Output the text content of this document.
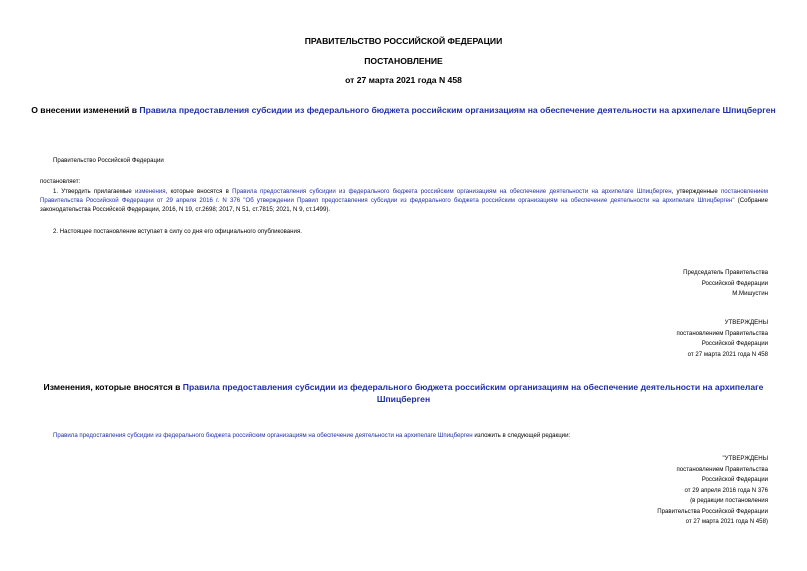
ПРАВИТЕЛЬСТВО РОССИЙСКОЙ ФЕДЕРАЦИИ
ПОСТАНОВЛЕНИЕ
от 27 марта 2021 года N 458
О внесении изменений в Правила предоставления субсидии из федерального бюджета российским организациям на обеспечение деятельности на архипелаге Шпицберген
Правительство Российской Федерации
постановляет:
1. Утвердить прилагаемые изменения, которые вносятся в Правила предоставления субсидии из федерального бюджета российским организациям на обеспечение деятельности на архипелаге Шпицберген, утвержденные постановлением Правительства Российской Федерации от 29 апреля 2016 г. N 376 "Об утверждении Правил предоставления субсидии из федерального бюджета российским организациям на обеспечение деятельности на архипелаге Шпицберген" (Собрание законодательства Российской Федерации, 2016, N 19, ст.2698; 2017, N 51, ст.7815; 2021, N 9, ст.1499).
2. Настоящее постановление вступает в силу со дня его официального опубликования.
Председатель Правительства
Российской Федерации
М.Мишустин
УТВЕРЖДЕНЫ
постановлением Правительства
Российской Федерации
от 27 марта 2021 года N 458
Изменения, которые вносятся в Правила предоставления субсидии из федерального бюджета российским организациям на обеспечение деятельности на архипелаге Шпицберген
Правила предоставления субсидии из федерального бюджета российским организациям на обеспечение деятельности на архипелаге Шпицберген изложить в следующей редакции:
"УТВЕРЖДЕНЫ
постановлением Правительства
Российской Федерации
от 29 апреля 2016 года N 376
(в редакции постановления
Правительства Российской Федерации
от 27 марта 2021 года N 458)
